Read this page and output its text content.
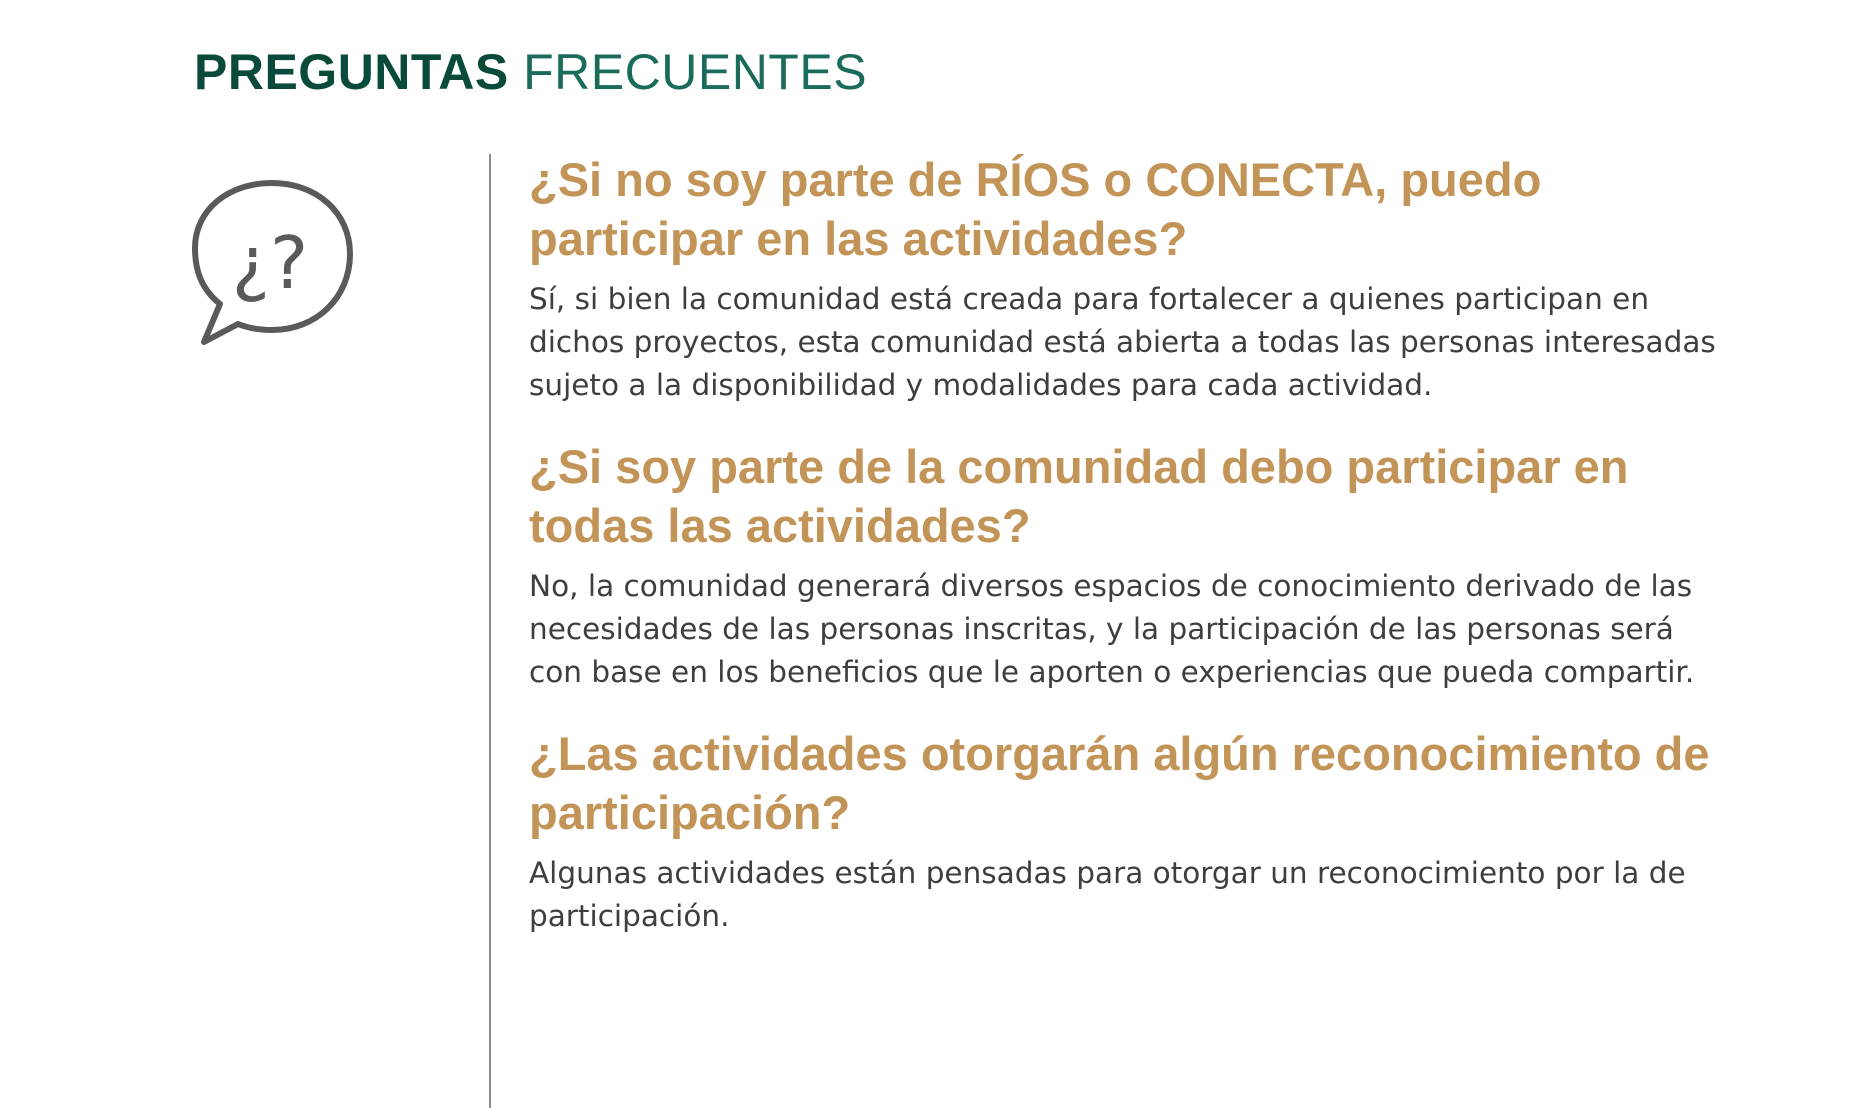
PREGUNTAS FRECUENTES
¿?
¿Si no soy parte de RÍOS o CONECTA, puedo participar en las actividades?

Sí, si bien la comunidad está creada para fortalecer a quienes participan en dichos proyectos, esta comunidad está abierta a todas las personas interesadas sujeto a la disponibilidad y modalidades para cada actividad.

¿Si soy parte de la comunidad debo participar en todas las actividades?

No, la comunidad generará diversos espacios de conocimiento derivado de las necesidades de las personas inscritas, y la participación de las personas será con base en los beneficios que le aporten o experiencias que pueda compartir.

¿Las actividades otorgarán algún reconocimiento de participación?

Algunas actividades están pensadas para otorgar un reconocimiento por la de participación.
